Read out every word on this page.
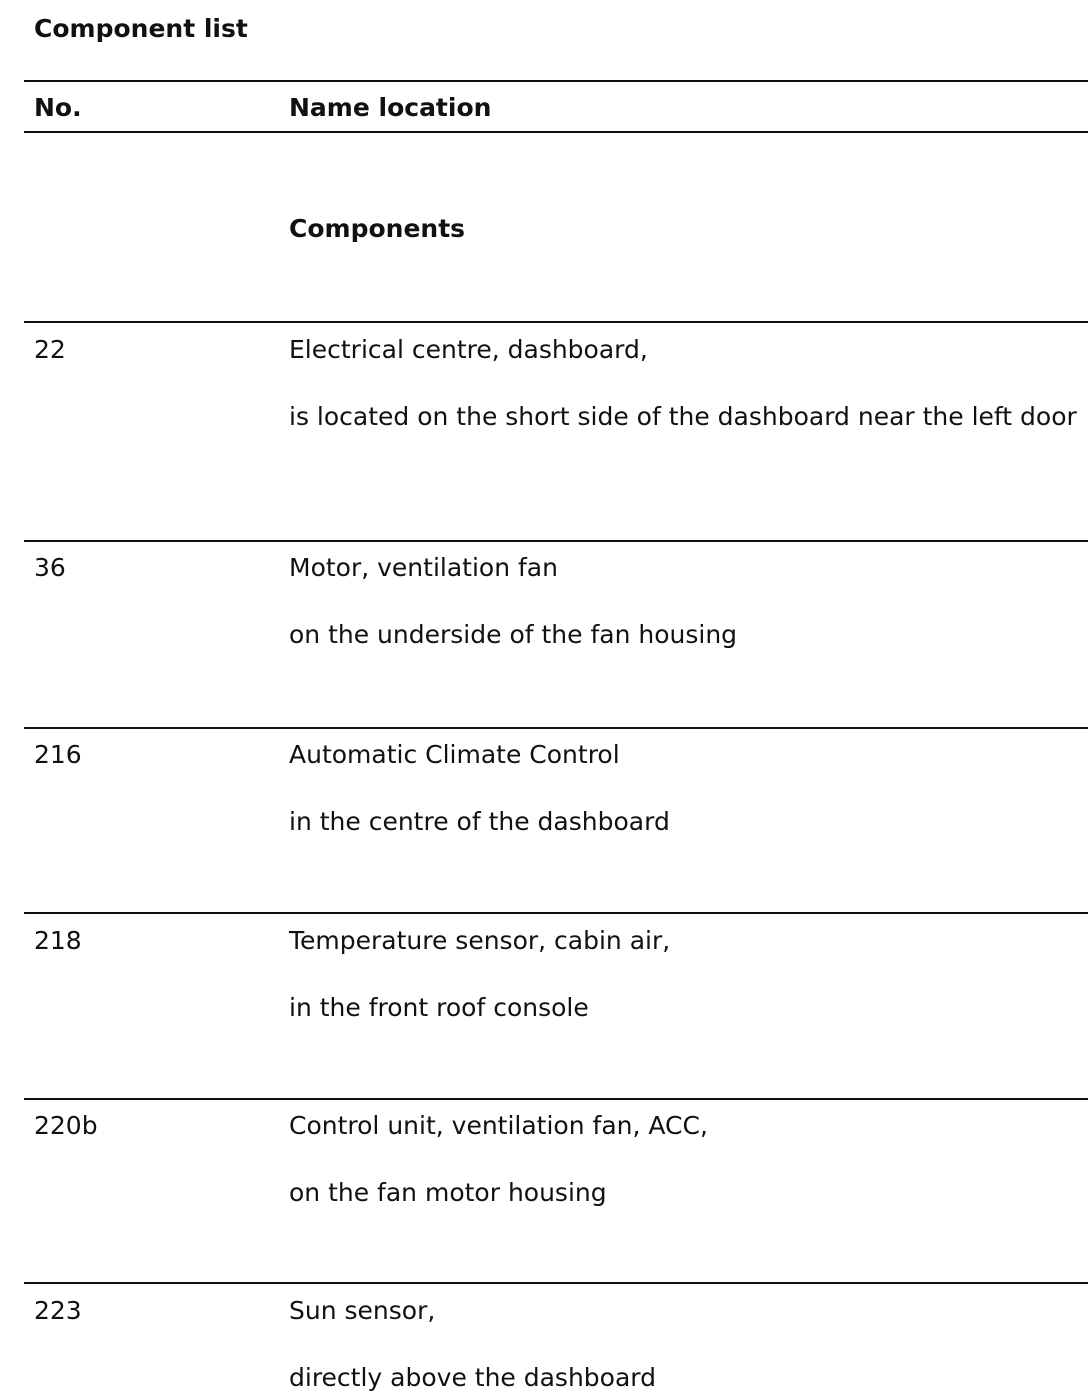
Component list
No.	Name location
Components
22	Electrical centre, dashboard,
is located on the short side of the dashboard near the left door
36	Motor, ventilation fan
on the underside of the fan housing
216	Automatic Climate Control
in the centre of the dashboard
218	Temperature sensor, cabin air,
in the front roof console
220b	Control unit, ventilation fan, ACC,
on the fan motor housing
223	Sun sensor,
directly above the dashboard
